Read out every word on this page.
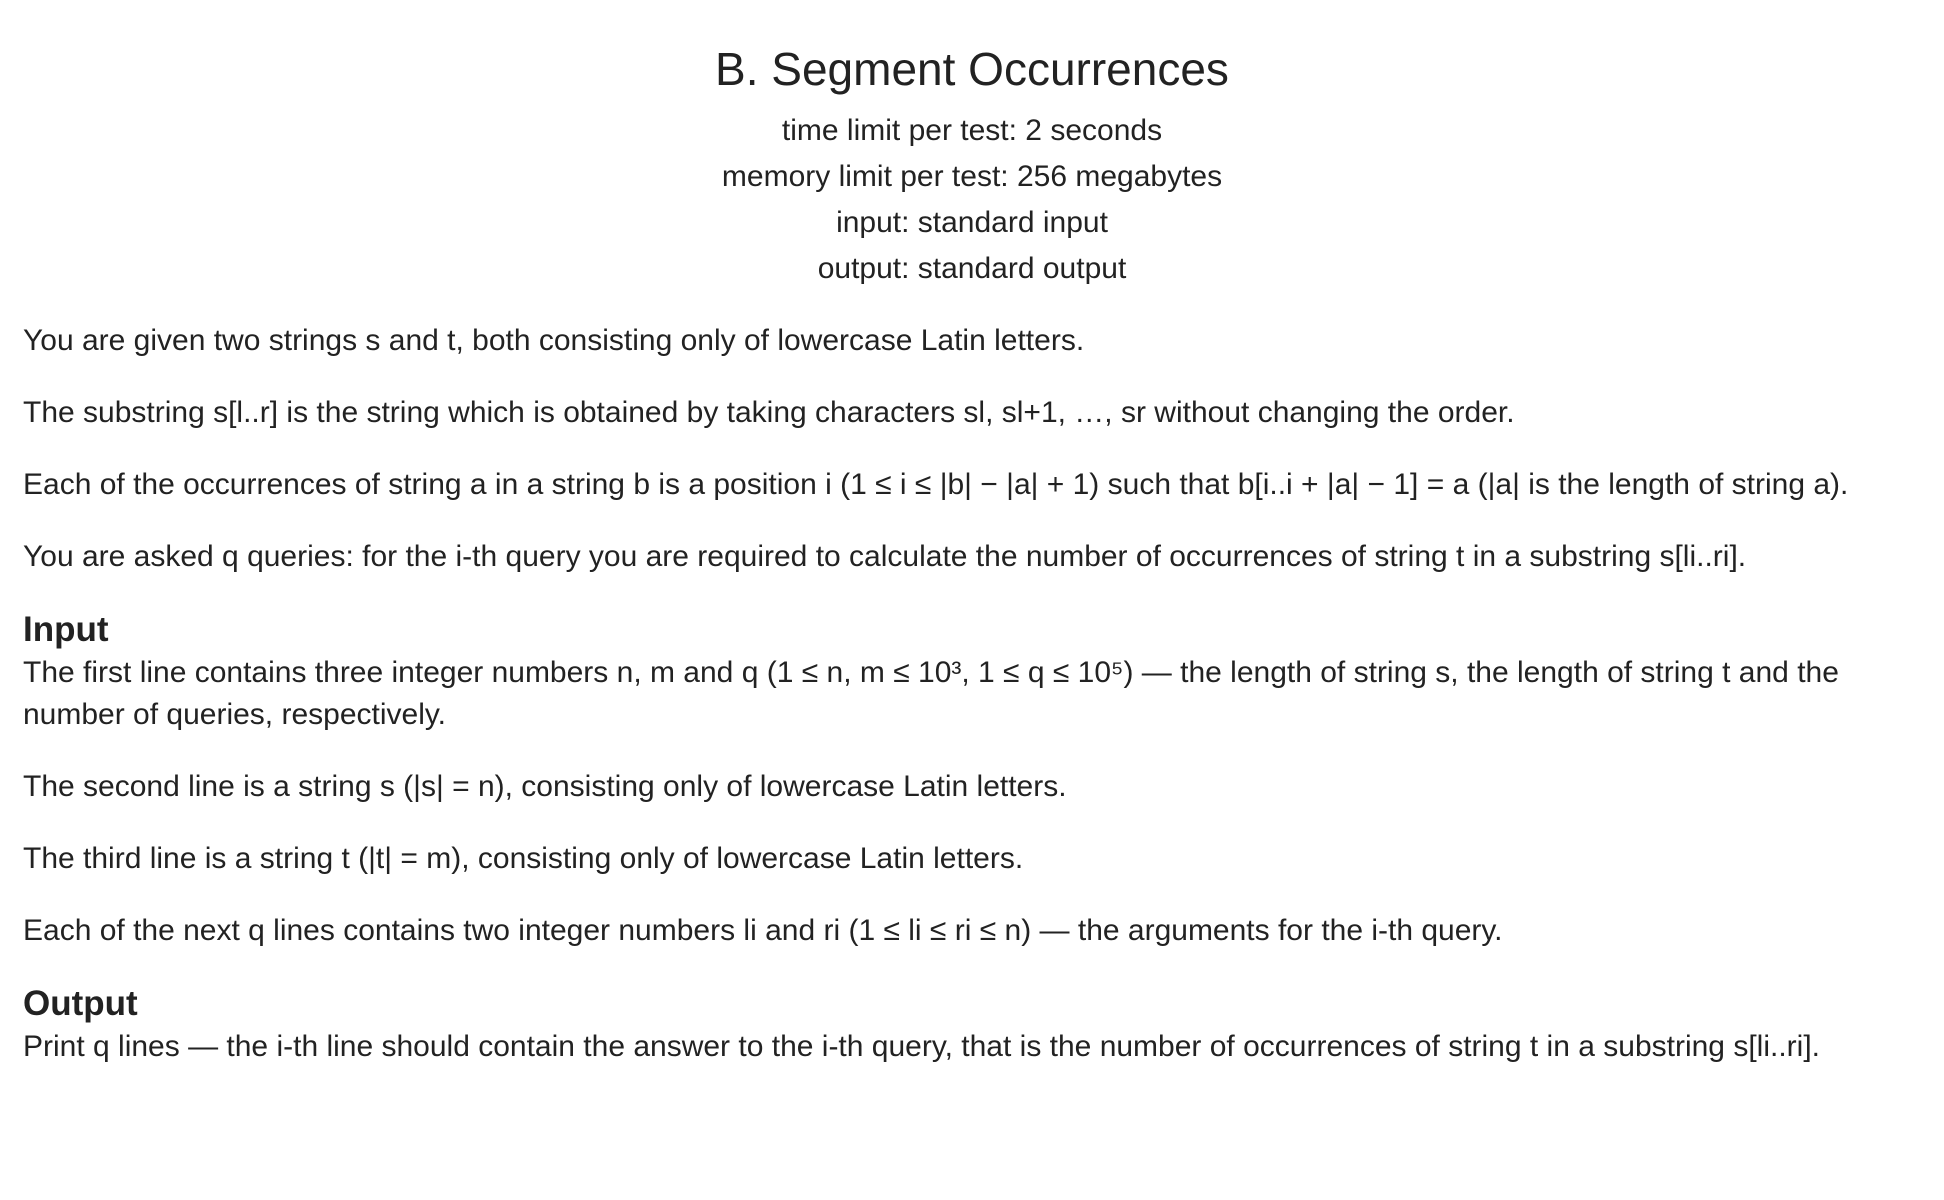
B. Segment Occurrences
time limit per test: 2 seconds
memory limit per test: 256 megabytes
input: standard input
output: standard output

You are given two strings s and t, both consisting only of lowercase Latin letters.

The substring s[l..r] is the string which is obtained by taking characters sl, sl+1, …, sr without changing the order.

Each of the occurrences of string a in a string b is a position i (1 ≤ i ≤ |b| − |a| + 1) such that b[i..i + |a| − 1] = a (|a| is the length of string a).

You are asked q queries: for the i-th query you are required to calculate the number of occurrences of string t in a substring s[li..ri].

Input

The first line contains three integer numbers n, m and q (1 ≤ n, m ≤ 10³, 1 ≤ q ≤ 10⁵) — the length of string s, the length of string t and the number of queries, respectively.

The second line is a string s (|s| = n), consisting only of lowercase Latin letters.

The third line is a string t (|t| = m), consisting only of lowercase Latin letters.

Each of the next q lines contains two integer numbers li and ri (1 ≤ li ≤ ri ≤ n) — the arguments for the i-th query.

Output

Print q lines — the i-th line should contain the answer to the i-th query, that is the number of occurrences of string t in a substring s[li..ri].
